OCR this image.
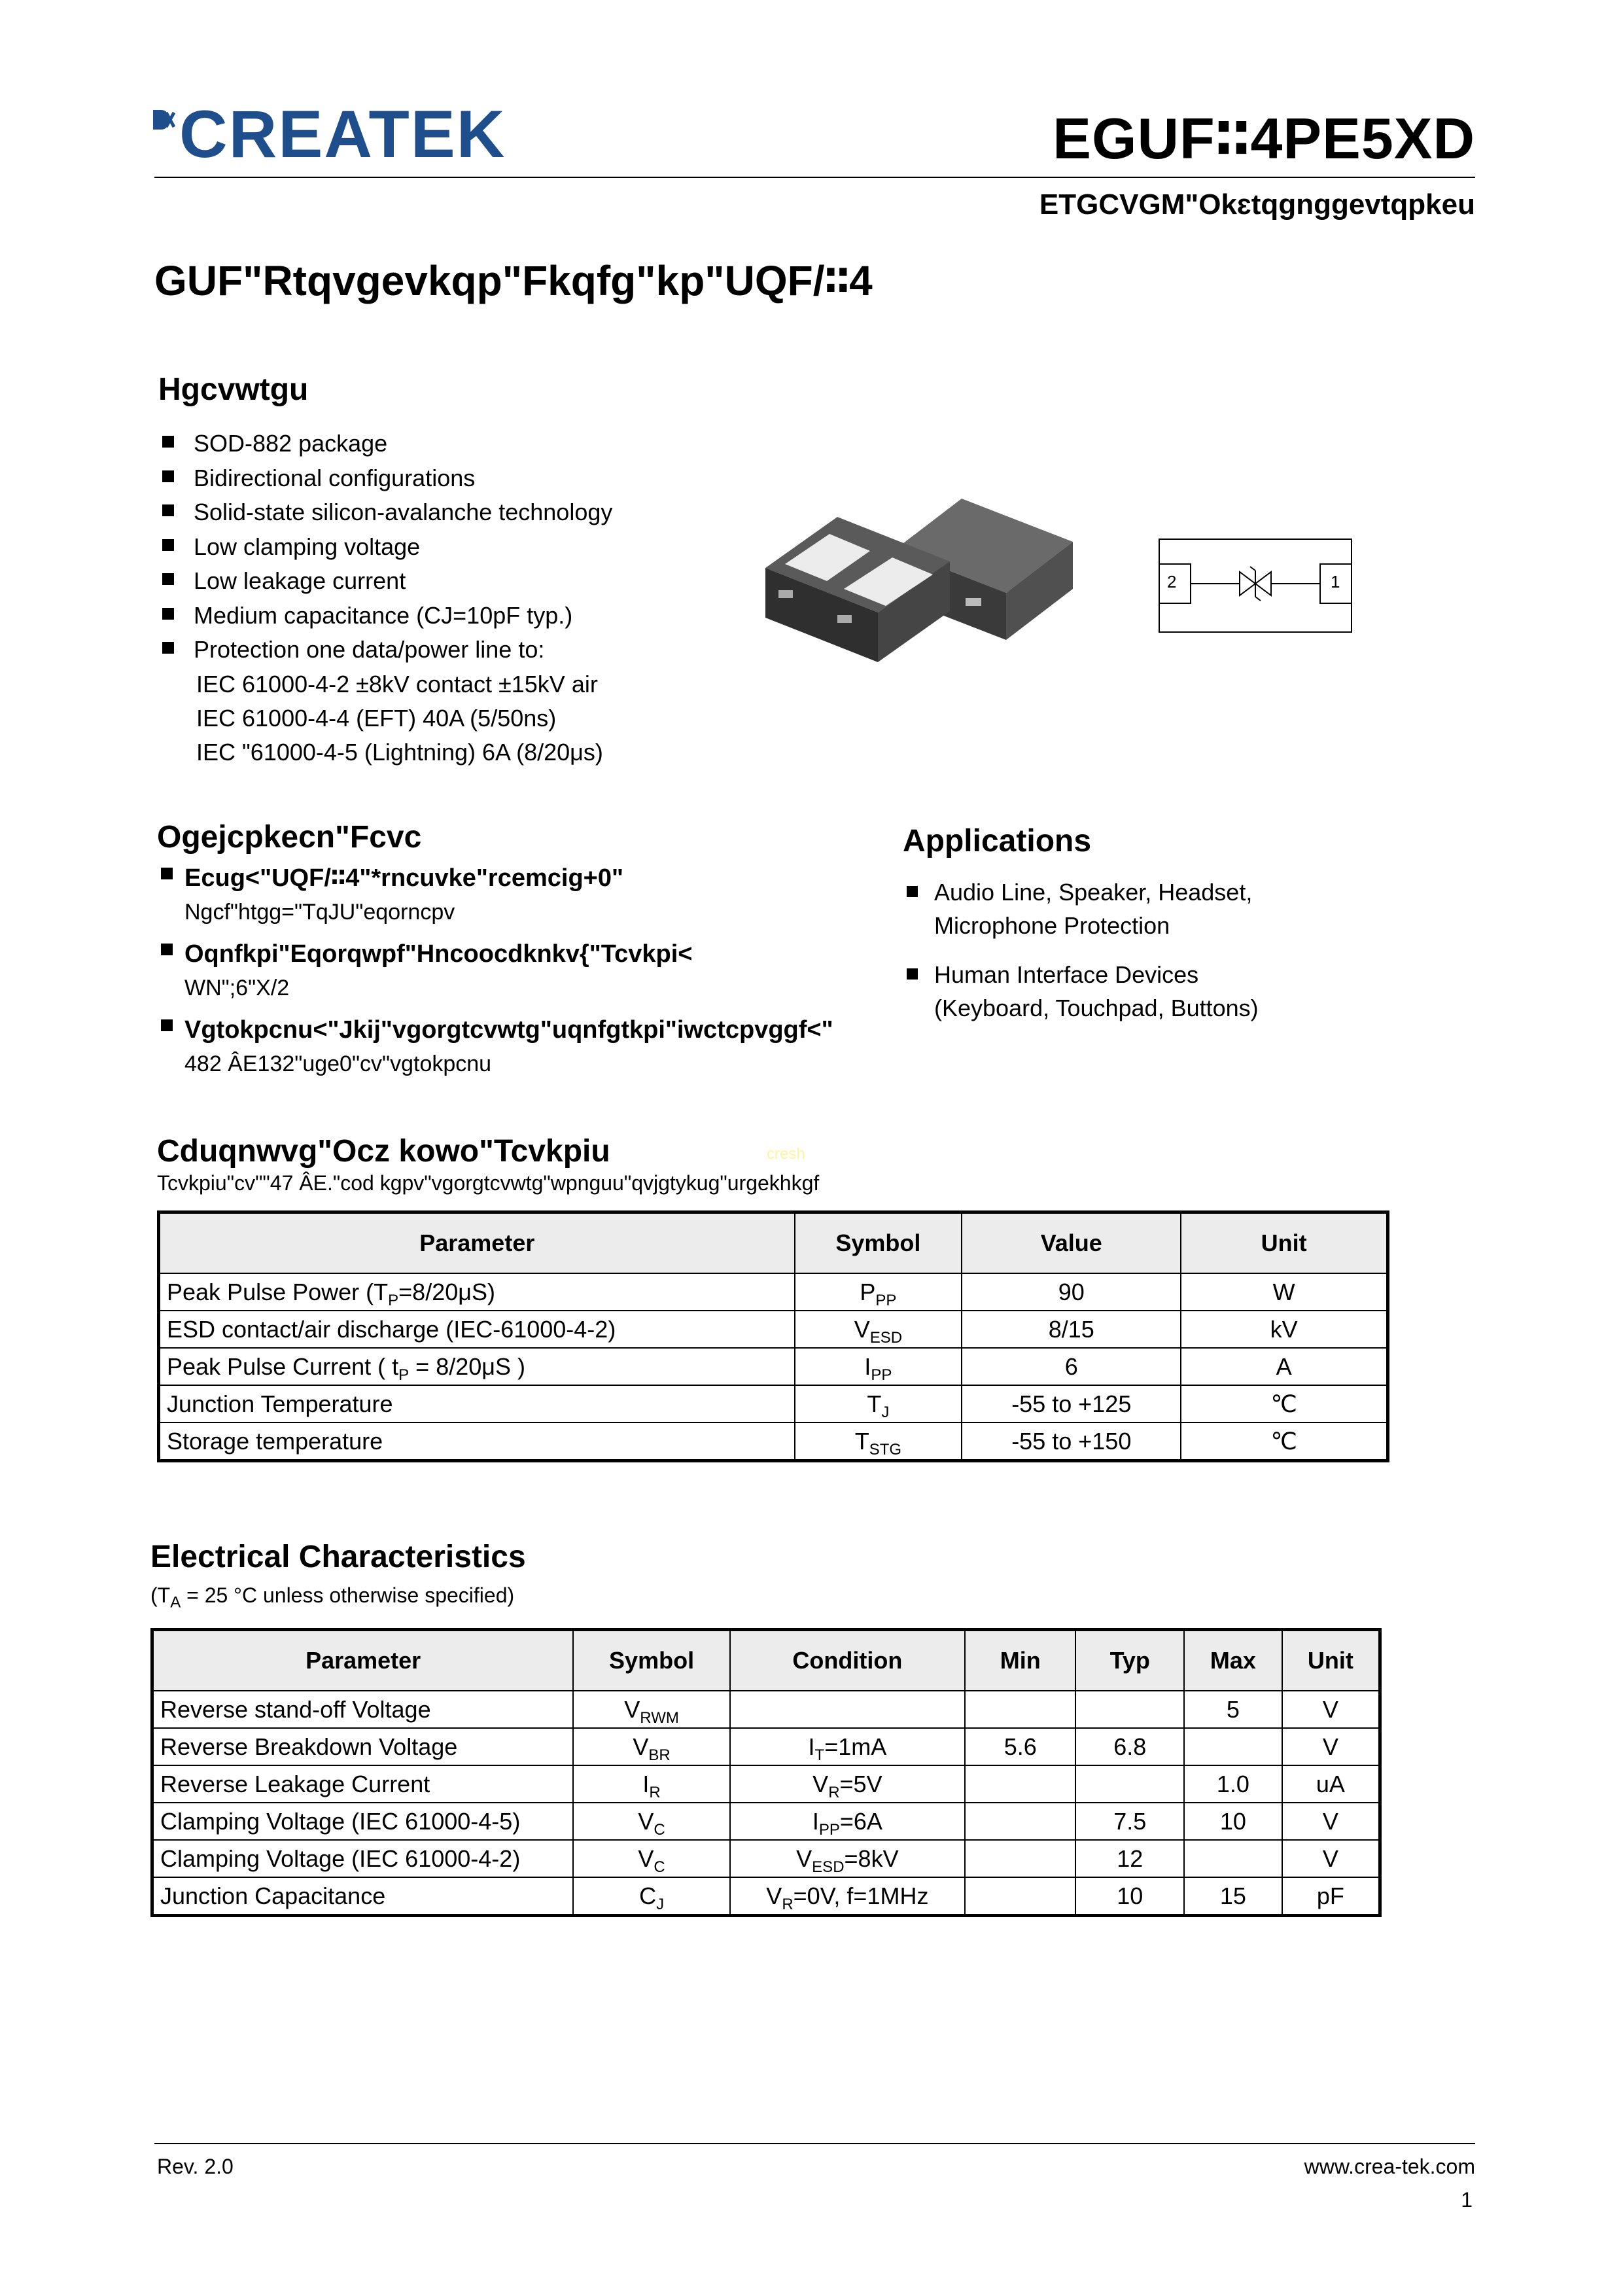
CREATEK	EGUF∶∶4PE5XD
ETGCVGM"Okɛtqgnɡgevtqpkeu
GUF"Rtqvgevkqp"Fkqfg"kp"UQF/∶∶4
Hgcvwtgu
SOD-882 package
Bidirectional configurations
Solid-state silicon-avalanche technology
Low clamping voltage
Low leakage current
Medium capacitance (CJ=10pF typ.)
Protection one data/power line to:
IEC 61000-4-2 ±8kV contact ±15kV air
IEC 61000-4-4 (EFT) 40A (5/50ns)
IEC "61000-4-5 (Lightning) 6A (8/20μs)
2	1
Ogejcpkecn"Fcvc
Ecug<"UQF/∶∶4"*rncuvke"rcemcig+0"
Ngcf"htgg="TqJU"eqorncpv
Oqnfkpi"Eqorqwpf"Hncoocdknkv{"Tcvkpi<
WN";6"X/2
Vgtokpcnu<"Jkij"vgorgtcvwtg"uqnfgtkpi"iwctcpvggf<"
482 ÂE132"uge0"cv"vgtokpcnu
Applications
Audio Line, Speaker, Headset,
Microphone Protection
Human Interface Devices
(Keyboard, Touchpad, Buttons)
Cduqnwvg"Ocz kowo"Tcvkpiu	cresh
Tcvkpiu"cv""47 ÂE."cod kgpv"vgorgtcvwtg"wpnguu"qvjgtykug"urgekhkgf
Parameter	Symbol	Value	Unit
Peak Pulse Power $(T_P=8/20\mu S)$	$P_{PP}$	90	W
ESD contact/air discharge (IEC-61000-4-2)	$V_{ESD}$	8/15	kV
Peak Pulse Current ( $t_P = 8/20\mu S$ )	$I_{PP}$	6	A
Junction Temperature	$T_J$	-55 to +125	℃
Storage temperature	$T_{STG}$	-55 to +150	℃
Electrical Characteristics
($T_A = 25$ °C unless otherwise specified)
Parameter	Symbol	Condition	Min	Typ	Max	Unit
Reverse stand-off Voltage	$V_{RWM}$				5	V
Reverse Breakdown Voltage	$V_{BR}$	$I_T=1mA$	5.6	6.8		V
Reverse Leakage Current	$I_R$	$V_R=5V$			1.0	uA
Clamping Voltage (IEC 61000-4-5)	$V_C$	$I_{PP}=6A$		7.5	10	V
Clamping Voltage (IEC 61000-4-2)	$V_C$	$V_{ESD}=8kV$		12		V
Junction Capacitance	$C_J$	$V_R=0V$, f=1MHz		10	15	pF
Rev. 2.0	www.crea-tek.com
1
